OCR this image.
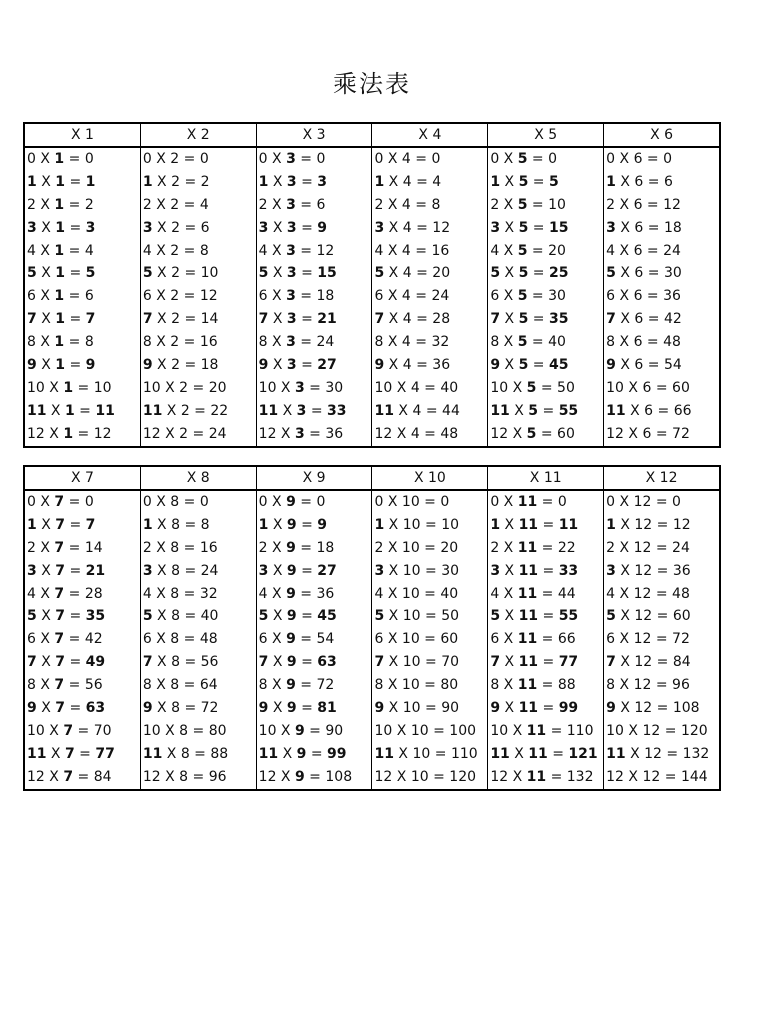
乘法表
X 1
0 X 1 = 0
1 X 1 = 1
2 X 1 = 2
3 X 1 = 3
4 X 1 = 4
5 X 1 = 5
6 X 1 = 6
7 X 1 = 7
8 X 1 = 8
9 X 1 = 9
10 X 1 = 10
11 X 1 = 11
12 X 1 = 12
X 2
0 X 2 = 0
1 X 2 = 2
2 X 2 = 4
3 X 2 = 6
4 X 2 = 8
5 X 2 = 10
6 X 2 = 12
7 X 2 = 14
8 X 2 = 16
9 X 2 = 18
10 X 2 = 20
11 X 2 = 22
12 X 2 = 24
X 3
0 X 3 = 0
1 X 3 = 3
2 X 3 = 6
3 X 3 = 9
4 X 3 = 12
5 X 3 = 15
6 X 3 = 18
7 X 3 = 21
8 X 3 = 24
9 X 3 = 27
10 X 3 = 30
11 X 3 = 33
12 X 3 = 36
X 4
0 X 4 = 0
1 X 4 = 4
2 X 4 = 8
3 X 4 = 12
4 X 4 = 16
5 X 4 = 20
6 X 4 = 24
7 X 4 = 28
8 X 4 = 32
9 X 4 = 36
10 X 4 = 40
11 X 4 = 44
12 X 4 = 48
X 5
0 X 5 = 0
1 X 5 = 5
2 X 5 = 10
3 X 5 = 15
4 X 5 = 20
5 X 5 = 25
6 X 5 = 30
7 X 5 = 35
8 X 5 = 40
9 X 5 = 45
10 X 5 = 50
11 X 5 = 55
12 X 5 = 60
X 6
0 X 6 = 0
1 X 6 = 6
2 X 6 = 12
3 X 6 = 18
4 X 6 = 24
5 X 6 = 30
6 X 6 = 36
7 X 6 = 42
8 X 6 = 48
9 X 6 = 54
10 X 6 = 60
11 X 6 = 66
12 X 6 = 72
X 7
0 X 7 = 0
1 X 7 = 7
2 X 7 = 14
3 X 7 = 21
4 X 7 = 28
5 X 7 = 35
6 X 7 = 42
7 X 7 = 49
8 X 7 = 56
9 X 7 = 63
10 X 7 = 70
11 X 7 = 77
12 X 7 = 84
X 8
0 X 8 = 0
1 X 8 = 8
2 X 8 = 16
3 X 8 = 24
4 X 8 = 32
5 X 8 = 40
6 X 8 = 48
7 X 8 = 56
8 X 8 = 64
9 X 8 = 72
10 X 8 = 80
11 X 8 = 88
12 X 8 = 96
X 9
0 X 9 = 0
1 X 9 = 9
2 X 9 = 18
3 X 9 = 27
4 X 9 = 36
5 X 9 = 45
6 X 9 = 54
7 X 9 = 63
8 X 9 = 72
9 X 9 = 81
10 X 9 = 90
11 X 9 = 99
12 X 9 = 108
X 10
0 X 10 = 0
1 X 10 = 10
2 X 10 = 20
3 X 10 = 30
4 X 10 = 40
5 X 10 = 50
6 X 10 = 60
7 X 10 = 70
8 X 10 = 80
9 X 10 = 90
10 X 10 = 100
11 X 10 = 110
12 X 10 = 120
X 11
0 X 11 = 0
1 X 11 = 11
2 X 11 = 22
3 X 11 = 33
4 X 11 = 44
5 X 11 = 55
6 X 11 = 66
7 X 11 = 77
8 X 11 = 88
9 X 11 = 99
10 X 11 = 110
11 X 11 = 121
12 X 11 = 132
X 12
0 X 12 = 0
1 X 12 = 12
2 X 12 = 24
3 X 12 = 36
4 X 12 = 48
5 X 12 = 60
6 X 12 = 72
7 X 12 = 84
8 X 12 = 96
9 X 12 = 108
10 X 12 = 120
11 X 12 = 132
12 X 12 = 144
